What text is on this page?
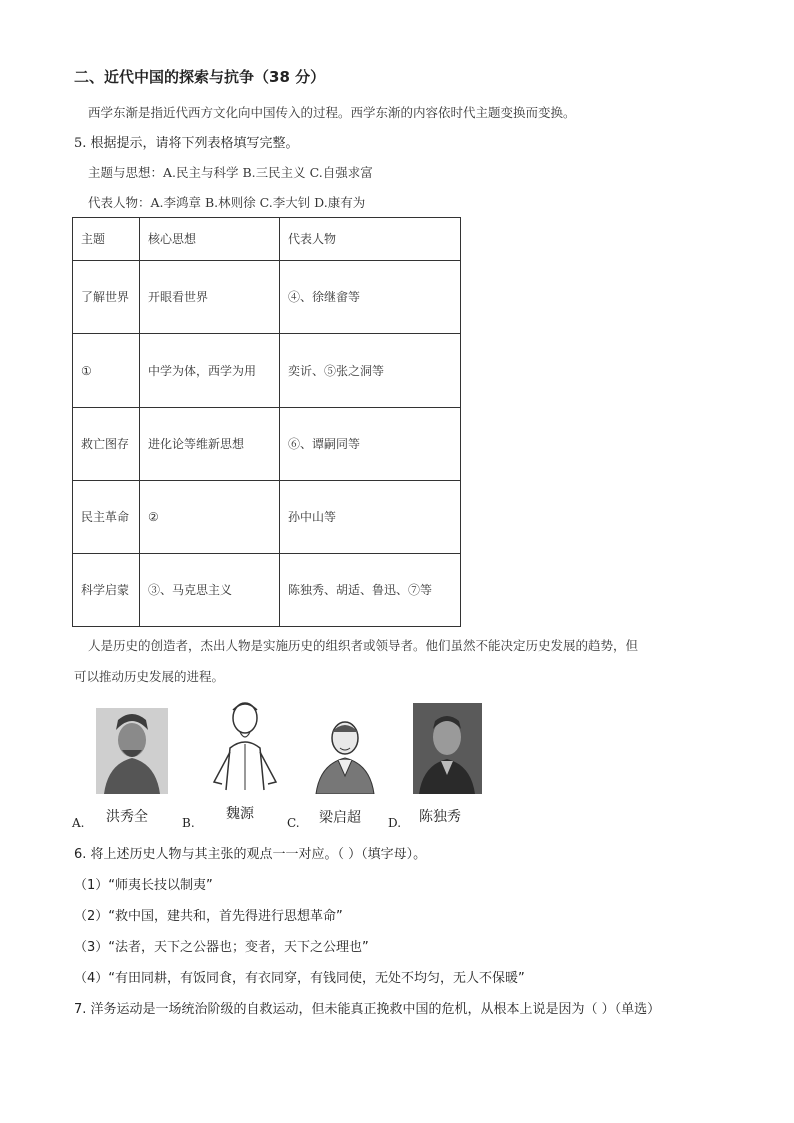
二、近代中国的探索与抗争（38 分）
西学东渐是指近代西方文化向中国传入的过程。西学东渐的内容依时代主题变换而变换。
5. 根据提示，请将下列表格填写完整。
主题与思想：A.民主与科学 B.三民主义 C.自强求富
代表人物：A.李鸿章 B.林则徐 C.李大钊 D.康有为
主题	核心思想	代表人物
了解世界	开眼看世界	④、徐继畲等
①	中学为体，西学为用	奕䜣、⑤张之洞等
救亡图存	进化论等维新思想	⑥、谭嗣同等
民主革命	②	孙中山等
科学启蒙	③、马克思主义	陈独秀、胡适、鲁迅、⑦等
人是历史的创造者，杰出人物是实施历史的组织者或领导者。他们虽然不能决定历史发展的趋势，但
可以推动历史发展的进程。
A. 洪秀全	B.
魏源
C. 梁启超 D. 陈独秀
6. 将上述历史人物与其主张的观点一一对应。（ ）（填字母）。
（1）“师夷长技以制夷”
（2）“救中国，建共和，首先得进行思想革命”
（3）“法者，天下之公器也；变者，天下之公理也”
（4）“有田同耕，有饭同食，有衣同穿，有钱同使，无处不均匀，无人不保暖”
7. 洋务运动是一场统治阶级的自救运动，但未能真正挽救中国的危机，从根本上说是因为（ ）（单选）
